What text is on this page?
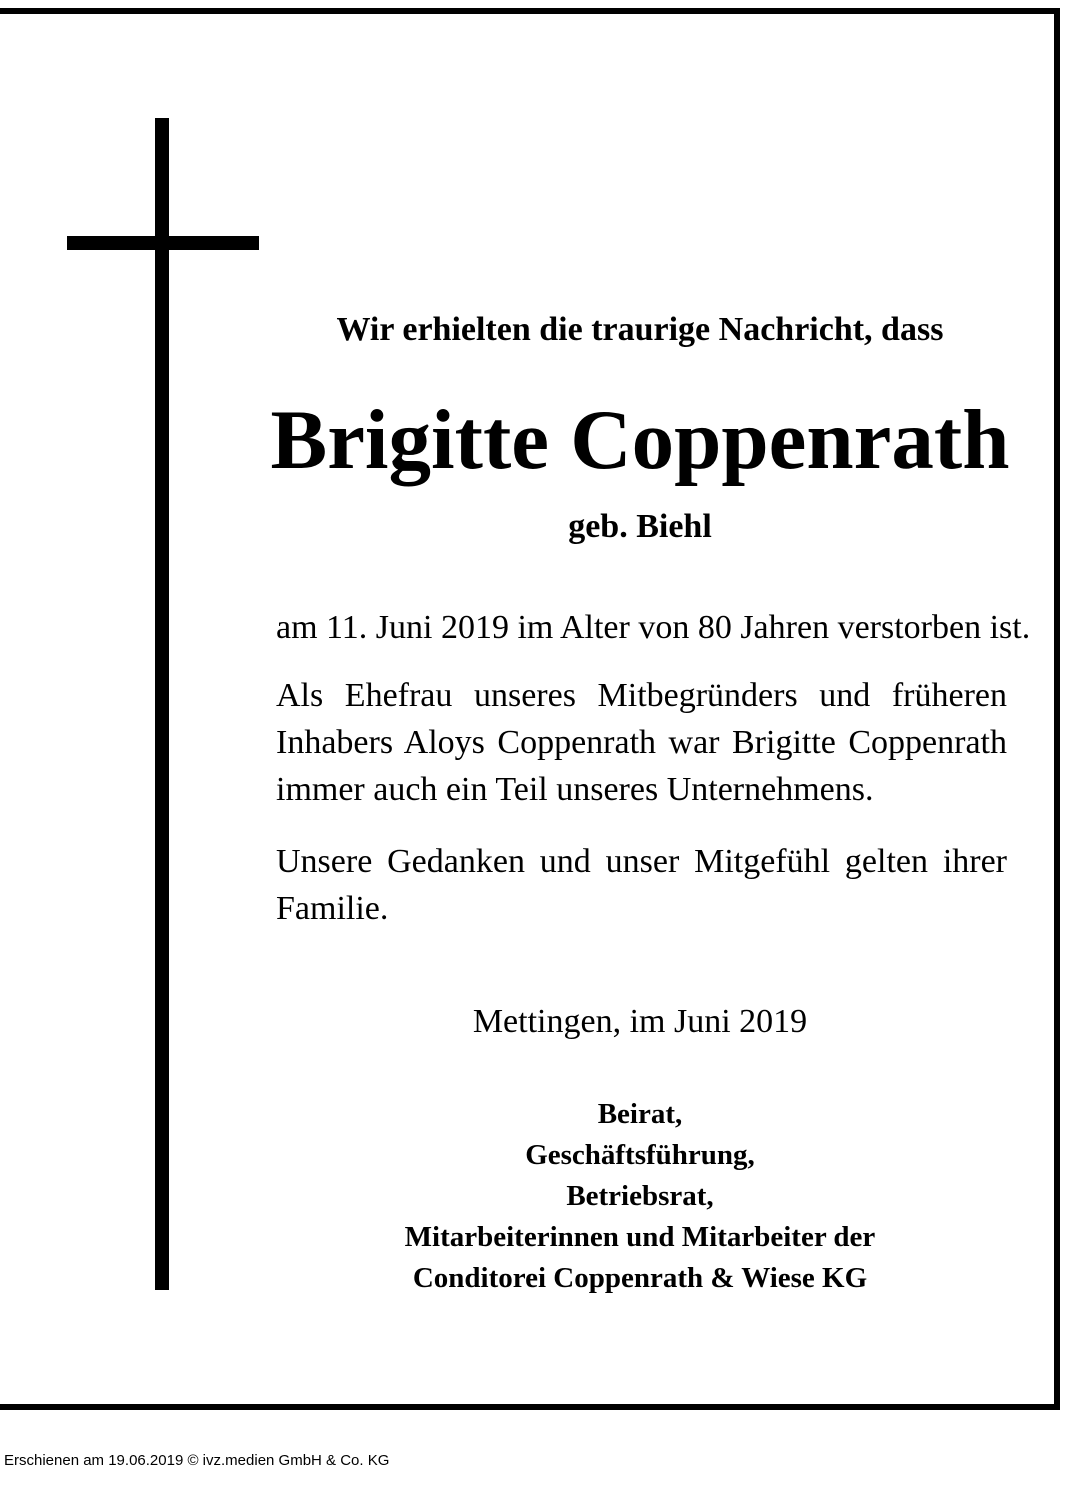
Wir erhielten die traurige Nachricht, dass
Brigitte Coppenrath
geb. Biehl
am 11. Juni 2019 im Alter von 80 Jahren verstorben ist.
Als Ehefrau unseres Mitbegründers und früheren Inhabers Aloys Coppenrath war Brigitte Coppenrath immer auch ein Teil unseres Unternehmens.
Unsere Gedanken und unser Mitgefühl gelten ihrer Familie.
Mettingen, im Juni 2019
Beirat,
Geschäftsführung,
Betriebsrat,
Mitarbeiterinnen und Mitarbeiter der
Conditorei Coppenrath & Wiese KG
Erschienen am 19.06.2019 © ivz.medien GmbH & Co. KG
